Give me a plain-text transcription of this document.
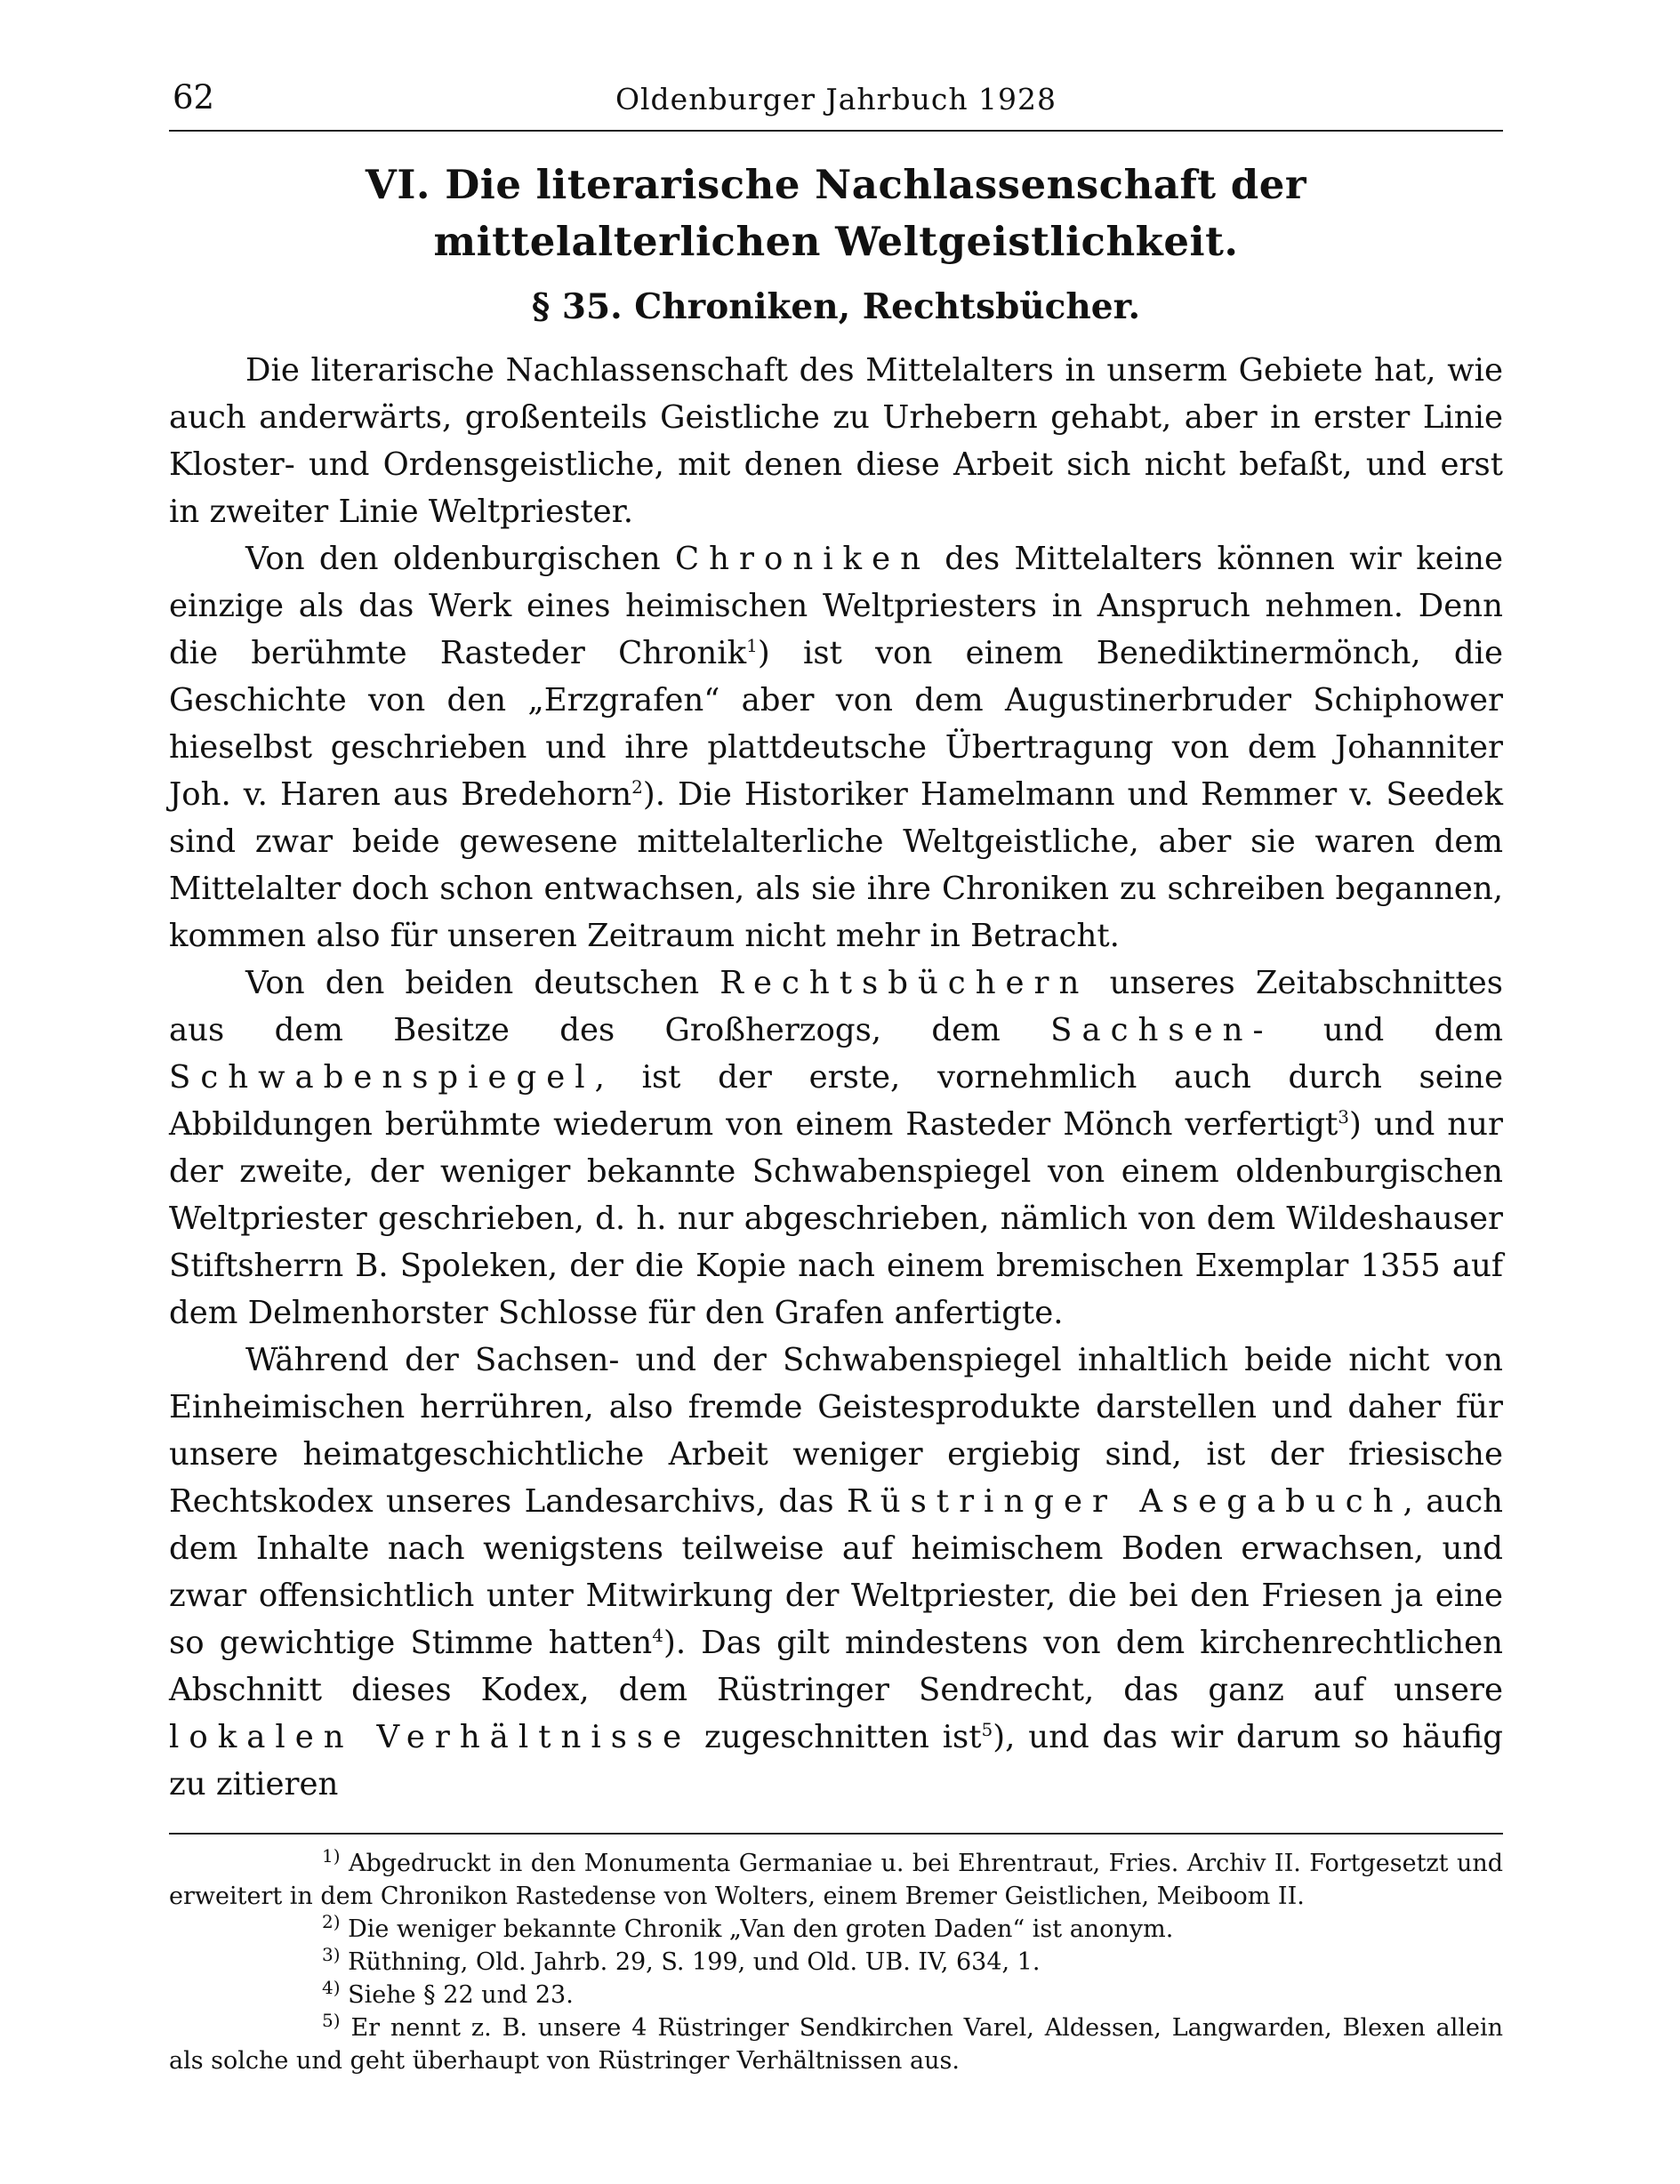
62	Oldenburger Jahrbuch 1928
VI. Die literarische Nachlassenschaft der mittelalterlichen Weltgeistlichkeit.
§ 35. Chroniken, Rechtsbücher.

Die literarische Nachlassenschaft des Mittelalters in unserm Gebiete hat, wie auch anderwärts, großenteils Geistliche zu Urhebern gehabt, aber in erster Linie Kloster- und Ordensgeistliche, mit denen diese Arbeit sich nicht befaßt, und erst in zweiter Linie Weltpriester.

Von den oldenburgischen Chroniken des Mittelalters können wir keine einzige als das Werk eines heimischen Weltpriesters in Anspruch nehmen. Denn die berühmte Rasteder Chronik$^1$) ist von einem Benediktinermönch, die Geschichte von den „Erzgrafen“ aber von dem Augustinerbruder Schiphower hieselbst geschrieben und ihre plattdeutsche Übertragung von dem Johanniter Joh. v. Haren aus Bredehorn$^2$). Die Historiker Hamelmann und Remmer v. Seedek sind zwar beide gewesene mittelalterliche Weltgeistliche, aber sie waren dem Mittelalter doch schon entwachsen, als sie ihre Chroniken zu schreiben begannen, kommen also für unseren Zeitraum nicht mehr in Betracht.

Von den beiden deutschen Rechtsbüchern unseres Zeitabschnittes aus dem Besitze des Großherzogs, dem Sachsen- und dem Schwabenspiegel, ist der erste, vornehmlich auch durch seine Abbildungen berühmte wiederum von einem Rasteder Mönch verfertigt$^3$) und nur der zweite, der weniger bekannte Schwabenspiegel von einem oldenburgischen Weltpriester geschrieben, d. h. nur abgeschrieben, nämlich von dem Wildeshauser Stiftsherrn B. Spoleken, der die Kopie nach einem bremischen Exemplar 1355 auf dem Delmenhorster Schlosse für den Grafen anfertigte.

Während der Sachsen- und der Schwabenspiegel inhaltlich beide nicht von Einheimischen herrühren, also fremde Geistesprodukte darstellen und daher für unsere heimatgeschichtliche Arbeit weniger ergiebig sind, ist der friesische Rechtskodex unseres Landesarchivs, das Rüstringer Asegabuch, auch dem Inhalte nach wenigstens teilweise auf heimischem Boden erwachsen, und zwar offensichtlich unter Mitwirkung der Weltpriester, die bei den Friesen ja eine so gewichtige Stimme hatten$^4$). Das gilt mindestens von dem kirchenrechtlichen Abschnitt dieses Kodex, dem Rüstringer Sendrecht, das ganz auf unsere lokalen Verhältnisse zugeschnitten ist$^5$), und das wir darum so häufig zu zitieren

$^{1)}$ Abgedruckt in den Monumenta Germaniae u. bei Ehrentraut, Fries. Archiv II. Fortgesetzt und erweitert in dem Chronikon Rastedense von Wolters, einem Bremer Geistlichen, Meiboom II.

$^{2)}$ Die weniger bekannte Chronik „Van den groten Daden“ ist anonym.

$^{3)}$ Rüthning, Old. Jahrb. 29, S. 199, und Old. UB. IV, 634, 1.

$^{4)}$ Siehe § 22 und 23.

$^{5)}$ Er nennt z. B. unsere 4 Rüstringer Sendkirchen Varel, Aldessen, Langwarden, Blexen allein als solche und geht überhaupt von Rüstringer Verhältnissen aus.
